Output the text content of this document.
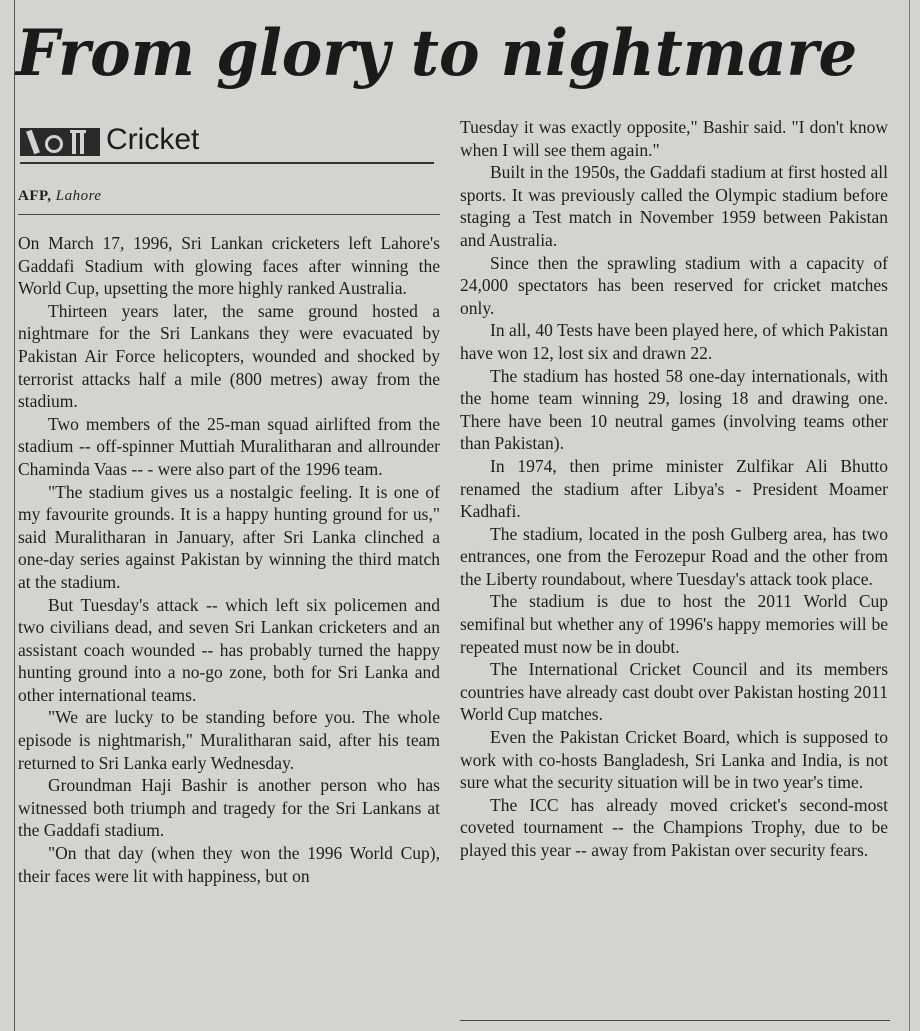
From glory to nightmare
Cricket
AFP, Lahore

On March 17, 1996, Sri Lankan cricketers left Lahore's Gaddafi Stadium with glowing faces after winning the World Cup, upsetting the more highly ranked Australia.

Thirteen years later, the same ground hosted a nightmare for the Sri Lankans they were evacuated by Pakistan Air Force helicopters, wounded and shocked by terrorist attacks half a mile (800 metres) away from the stadium.

Two members of the 25-man squad airlifted from the stadium -- off-spinner Muttiah Muralitharan and allrounder Chaminda Vaas -- - were also part of the 1996 team.

"The stadium gives us a nostalgic feeling. It is one of my favourite grounds. It is a happy hunting ground for us," said Muralitharan in January, after Sri Lanka clinched a one-day series against Pakistan by winning the third match at the stadium.

But Tuesday's attack -- which left six policemen and two civilians dead, and seven Sri Lankan cricketers and an assistant coach wounded -- has probably turned the happy hunting ground into a no-go zone, both for Sri Lanka and other international teams.

"We are lucky to be standing before you. The whole episode is nightmarish," Muralitharan said, after his team returned to Sri Lanka early Wednesday.

Groundman Haji Bashir is another person who has witnessed both triumph and tragedy for the Sri Lankans at the Gaddafi stadium.

"On that day (when they won the 1996 World Cup), their faces were lit with happiness, but on

Tuesday it was exactly opposite," Bashir said. "I don't know when I will see them again."

Built in the 1950s, the Gaddafi stadium at first hosted all sports. It was previously called the Olympic stadium before staging a Test match in November 1959 between Pakistan and Australia.

Since then the sprawling stadium with a capacity of 24,000 spectators has been reserved for cricket matches only.

In all, 40 Tests have been played here, of which Pakistan have won 12, lost six and drawn 22.

The stadium has hosted 58 one-day internationals, with the home team winning 29, losing 18 and drawing one. There have been 10 neutral games (involving teams other than Pakistan).

In 1974, then prime minister Zulfikar Ali Bhutto renamed the stadium after Libya's - President Moamer Kadhafi.

The stadium, located in the posh Gulberg area, has two entrances, one from the Ferozepur Road and the other from the Liberty roundabout, where Tuesday's attack took place.

The stadium is due to host the 2011 World Cup semifinal but whether any of 1996's happy memories will be repeated must now be in doubt.

The International Cricket Council and its members countries have already cast doubt over Pakistan hosting 2011 World Cup matches.

Even the Pakistan Cricket Board, which is supposed to work with co-hosts Bangladesh, Sri Lanka and India, is not sure what the security situation will be in two year's time.

The ICC has already moved cricket's second-most coveted tournament -- the Champions Trophy, due to be played this year -- away from Pakistan over security fears.
